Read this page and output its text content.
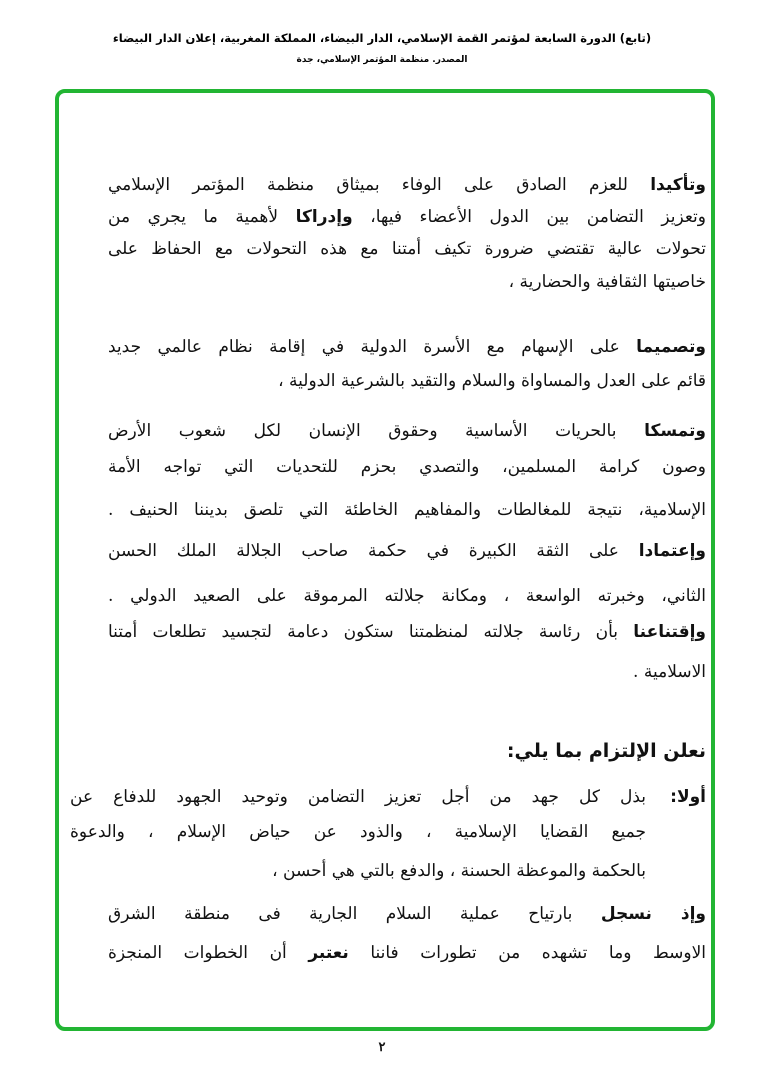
(تابع) الدورة السابعة لمؤتمر القمة الإسلامي، الدار البيضاء، المملكة المغربية، إعلان الدار البيضاء
المصدر. منظمة المؤتمر الإسلامي، جدة
وتأكيدا للعزم الصادق على الوفاء بميثاق منظمة المؤتمر الإسلامي
وتعزيز التضامن بين الدول الأعضاء فيها، وإدراكا لأهمية ما يجري من
تحولات عالية تقتضي ضرورة تكيف أمتنا مع هذه التحولات مع الحفاظ على
خاصيتها الثقافية والحضارية ،
وتصميما على الإسهام مع الأسرة الدولية في إقامة نظام عالمي جديد
قائم على العدل والمساواة والسلام والتقيد بالشرعية الدولية ،
وتمسكا بالحريات الأساسية وحقوق الإنسان لكل شعوب الأرض
وصون كرامة المسلمين، والتصدي بحزم للتحديات التي تواجه الأمة
الإسلامية، نتيجة للمغالطات والمفاهيم الخاطئة التي تلصق بديننا الحنيف .
وإعتمادا على الثقة الكبيرة في حكمة صاحب الجلالة الملك الحسن
الثاني، وخبرته الواسعة ، ومكانة جلالته المرموقة على الصعيد الدولي .
وإقتناعنا بأن رئاسة جلالته لمنظمتنا ستكون دعامة لتجسيد تطلعات أمتنا
الاسلامية .
بذل كل جهد من أجل تعزيز التضامن وتوحيد الجهود للدفاع عن
جميع القضايا الإسلامية ، والذود عن حياض الإسلام ، والدعوة
بالحكمة والموعظة الحسنة ، والدفع بالتي هي أحسن ،
وإذ نسجل بارتياح عملية السلام الجارية فى منطقة الشرق
الاوسط وما تشهده من تطورات فاننا نعتبر أن الخطوات المنجزة
نعلن الإلتزام بما يلي:
أولا:
٢
